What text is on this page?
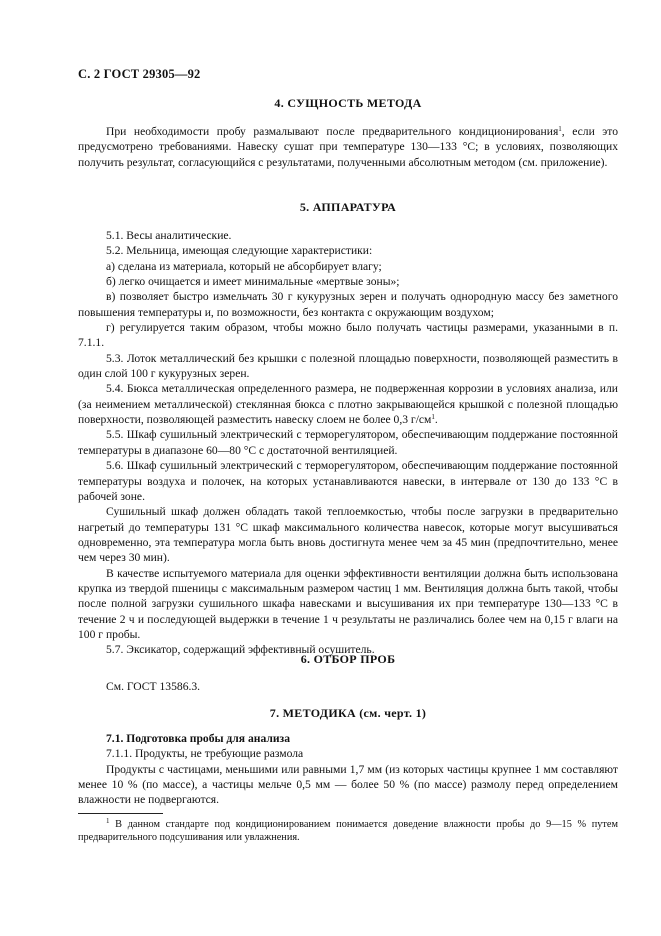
С. 2 ГОСТ 29305—92
4. СУЩНОСТЬ МЕТОДА

При необходимости пробу размалывают после предварительного кондиционирования$^1$, если это предусмотрено требованиями. Навеску сушат при температуре 130—133 °С; в условиях, позволяющих получить результат, согласующийся с результатами, полученными абсолютным методом (см. приложение).

5. АППАРАТУРА

5.1. Весы аналитические.

5.2. Мельница, имеющая следующие характеристики:

а) сделана из материала, который не абсорбирует влагу;

б) легко очищается и имеет минимальные «мертвые зоны»;

в) позволяет быстро измельчать 30 г кукурузных зерен и получать однородную массу без заметного повышения температуры и, по возможности, без контакта с окружающим воздухом;

г) регулируется таким образом, чтобы можно было получать частицы размерами, указанными в п. 7.1.1.

5.3. Лоток металлический без крышки с полезной площадью поверхности, позволяющей разместить в один слой 100 г кукурузных зерен.

5.4. Бюкса металлическая определенного размера, не подверженная коррозии в условиях анализа, или (за неимением металлической) стеклянная бюкса с плотно закрывающейся крышкой с полезной площадью поверхности, позволяющей разместить навеску слоем не более 0,3 $г/см^1$.

5.5. Шкаф сушильный электрический с терморегулятором, обеспечивающим поддержание постоянной температуры в диапазоне 60—80 °С с достаточной вентиляцией.

5.6. Шкаф сушильный электрический с терморегулятором, обеспечивающим поддержание постоянной температуры воздуха и полочек, на которых устанавливаются навески, в интервале от 130 до 133 °С в рабочей зоне.

Сушильный шкаф должен обладать такой теплоемкостью, чтобы после загрузки в предварительно нагретый до температуры 131 °С шкаф максимального количества навесок, которые могут высушиваться одновременно, эта температура могла быть вновь достигнута менее чем за 45 мин (предпочтительно, менее чем через 30 мин).

В качестве испытуемого материала для оценки эффективности вентиляции должна быть использована крупка из твердой пшеницы с максимальным размером частиц 1 мм. Вентиляция должна быть такой, чтобы после полной загрузки сушильного шкафа навесками и высушивания их при температуре 130—133 °С в течение 2 ч и последующей выдержки в течение 1 ч результаты не различались более чем на 0,15 г влаги на 100 г пробы.

5.7. Эксикатор, содержащий эффективный осушитель.

6. ОТБОР ПРОБ

См. ГОСТ 13586.3.

7. МЕТОДИКА (см. черт. 1)

7.1. Подготовка пробы для анализа

7.1.1. Продукты, не требующие размола

Продукты с частицами, меньшими или равными 1,7 мм (из которых частицы крупнее 1 мм составляют менее 10 % (по массе), а частицы мельче 0,5 мм — более 50 % (по массе) размолу перед определением влажности не подвергаются.

$^1$ В данном стандарте под кондиционированием понимается доведение влажности пробы до 9—15 % путем предварительного подсушивания или увлажнения.
